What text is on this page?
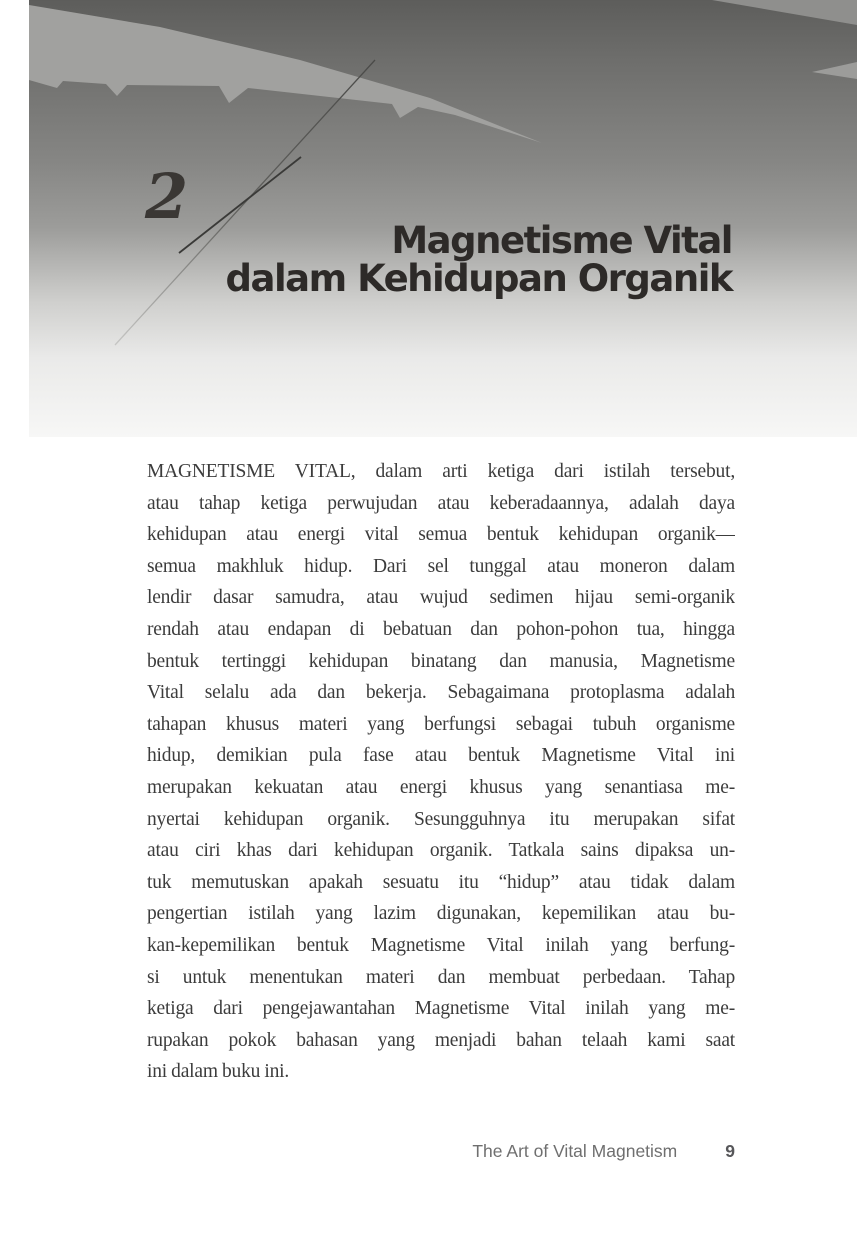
2
Magnetisme Vital
dalam Kehidupan Organik
MAGNETISME VITAL, dalam arti ketiga dari istilah tersebut,
atau tahap ketiga perwujudan atau keberadaannya, adalah daya
kehidupan atau energi vital semua bentuk kehidupan organik—
semua makhluk hidup. Dari sel tunggal atau moneron dalam
lendir dasar samudra, atau wujud sedimen hijau semi-organik
rendah atau endapan di bebatuan dan pohon-pohon tua, hingga
bentuk tertinggi kehidupan binatang dan manusia, Magnetisme
Vital selalu ada dan bekerja. Sebagaimana protoplasma adalah
tahapan khusus materi yang berfungsi sebagai tubuh organisme
hidup, demikian pula fase atau bentuk Magnetisme Vital ini
merupakan kekuatan atau energi khusus yang senantiasa me-
nyertai kehidupan organik. Sesungguhnya itu merupakan sifat
atau ciri khas dari kehidupan organik. Tatkala sains dipaksa un-
tuk memutuskan apakah sesuatu itu “hidup” atau tidak dalam
pengertian istilah yang lazim digunakan, kepemilikan atau bu-
kan-kepemilikan bentuk Magnetisme Vital inilah yang berfung-
si untuk menentukan materi dan membuat perbedaan. Tahap
ketiga dari pengejawantahan Magnetisme Vital inilah yang me-
rupakan pokok bahasan yang menjadi bahan telaah kami saat
ini dalam buku ini.
The Art of Vital Magnetism	9
